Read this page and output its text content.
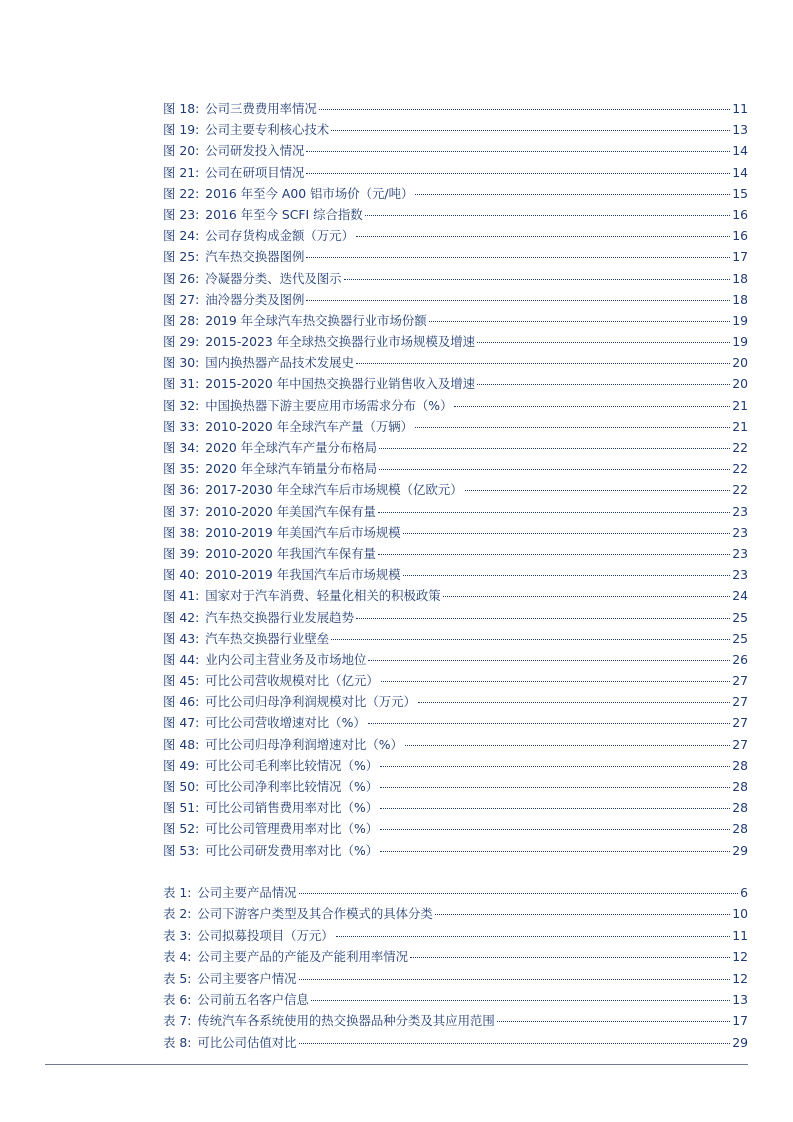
图 18: 公司三费费用率情况	11
图 19: 公司主要专利核心技术	13
图 20: 公司研发投入情况	14
图 21: 公司在研项目情况	14
图 22: 2016 年至今 A00 铝市场价（元/吨）	15
图 23: 2016 年至今 SCFI 综合指数	16
图 24: 公司存货构成金额（万元）	16
图 25: 汽车热交换器图例	17
图 26: 冷凝器分类、迭代及图示	18
图 27: 油冷器分类及图例	18
图 28: 2019 年全球汽车热交换器行业市场份额	19
图 29: 2015-2023 年全球热交换器行业市场规模及增速	19
图 30: 国内换热器产品技术发展史	20
图 31: 2015-2020 年中国热交换器行业销售收入及增速	20
图 32: 中国换热器下游主要应用市场需求分布（%）	21
图 33: 2010-2020 年全球汽车产量（万辆）	21
图 34: 2020 年全球汽车产量分布格局	22
图 35: 2020 年全球汽车销量分布格局	22
图 36: 2017-2030 年全球汽车后市场规模（亿欧元）	22
图 37: 2010-2020 年美国汽车保有量	23
图 38: 2010-2019 年美国汽车后市场规模	23
图 39: 2010-2020 年我国汽车保有量	23
图 40: 2010-2019 年我国汽车后市场规模	23
图 41: 国家对于汽车消费、轻量化相关的积极政策	24
图 42: 汽车热交换器行业发展趋势	25
图 43: 汽车热交换器行业壁垒	25
图 44: 业内公司主营业务及市场地位	26
图 45: 可比公司营收规模对比（亿元）	27
图 46: 可比公司归母净利润规模对比（万元）	27
图 47: 可比公司营收增速对比（%）	27
图 48: 可比公司归母净利润增速对比（%）	27
图 49: 可比公司毛利率比较情况（%）	28
图 50: 可比公司净利率比较情况（%）	28
图 51: 可比公司销售费用率对比（%）	28
图 52: 可比公司管理费用率对比（%）	28
图 53: 可比公司研发费用率对比（%）	29
表 1: 公司主要产品情况	6
表 2: 公司下游客户类型及其合作模式的具体分类	10
表 3: 公司拟募投项目（万元）	11
表 4: 公司主要产品的产能及产能利用率情况	12
表 5: 公司主要客户情况	12
表 6: 公司前五名客户信息	13
表 7: 传统汽车各系统使用的热交换器品种分类及其应用范围	17
表 8: 可比公司估值对比	29
